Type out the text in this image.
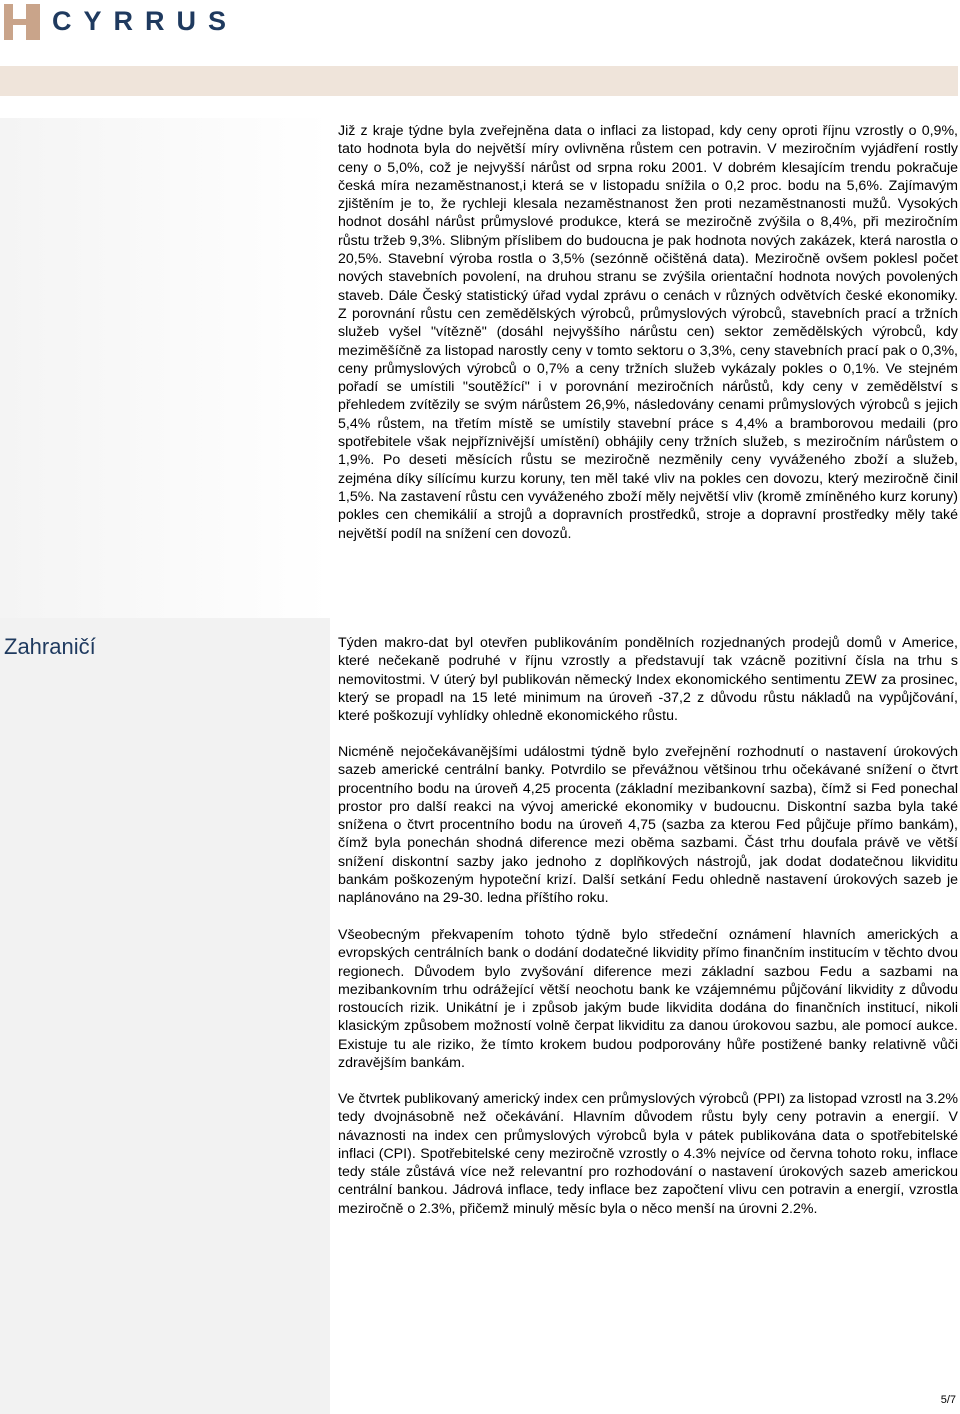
CYRRUS

Již z kraje týdne byla zveřejněna data o inflaci za listopad, kdy ceny oproti říjnu vzrostly o 0,9%, tato hodnota byla do největší míry ovlivněna růstem cen potravin. V meziročním vyjádření rostly ceny o 5,0%, což je nejvyšší nárůst od srpna roku 2001. V dobrém klesajícím trendu pokračuje česká míra nezaměstnanost,i která se v listopadu snížila o 0,2 proc. bodu na 5,6%. Zajímavým zjištěním je to, že rychleji klesala nezaměstnanost žen proti nezaměstnanosti mužů. Vysokých hodnot dosáhl nárůst průmyslové produkce, která se meziročně zvýšila o 8,4%, při meziročním růstu tržeb 9,3%. Slibným příslibem do budoucna je pak hodnota nových zakázek, která narostla o 20,5%. Stavební výroba rostla o 3,5% (sezónně očištěná data). Meziročně ovšem poklesl počet nových stavebních povolení, na druhou stranu se zvýšila orientační hodnota nových povolených staveb. Dále Český statistický úřad vydal zprávu o cenách v různých odvětvích české ekonomiky. Z porovnání růstu cen zemědělských výrobců, průmyslových výrobců, stavebních prací a tržních služeb vyšel "vítězně" (dosáhl nejvyššího nárůstu cen) sektor zemědělských výrobců, kdy meziměšíčně za listopad narostly ceny v tomto sektoru o 3,3%, ceny stavebních prací pak o 0,3%, ceny průmyslových výrobců o 0,7% a ceny tržních služeb vykázaly pokles o 0,1%. Ve stejném pořadí se umístili "soutěžící" i v porovnání meziročních nárůstů, kdy ceny v zemědělství s přehledem zvítězily se svým nárůstem 26,9%, následovány cenami průmyslových výrobců s jejich 5,4% růstem, na třetím místě se umístily stavební práce s 4,4% a bramborovou medaili (pro spotřebitele však nejpříznivější umístění) obhájily ceny tržních služeb, s meziročním nárůstem o 1,9%. Po deseti měsících růstu se meziročně nezměnily ceny vyváženého zboží a služeb, zejména díky sílícímu kurzu koruny, ten měl také vliv na pokles cen dovozu, který meziročně činil 1,5%. Na zastavení růstu cen vyváženého zboží měly největší vliv (kromě zmíněného kurz koruny) pokles cen chemikálií a strojů a dopravních prostředků, stroje a dopravní prostředky měly také největší podíl na snížení cen dovozů.

Zahraničí	Týden makro-dat byl otevřen publikováním pondělních rozjednaných prodejů domů v Americe, které nečekaně podruhé v říjnu vzrostly a představují tak vzácně pozitivní čísla na trhu s nemovitostmi. V úterý byl publikován německý Index ekonomického sentimentu ZEW za prosinec, který se propadl na 15 leté minimum na úroveň -37,2 z důvodu růstu nákladů na vypůjčování, které poškozují vyhlídky ohledně ekonomického růstu.

Nicméně nejočekávanějšími událostmi týdně bylo zveřejnění rozhodnutí o nastavení úrokových sazeb americké centrální banky. Potvrdilo se převážnou většinou trhu očekávané snížení o čtvrt procentního bodu na úroveň 4,25 procenta (základní mezibankovní sazba), čímž si Fed ponechal prostor pro další reakci na vývoj americké ekonomiky v budoucnu. Diskontní sazba byla také snížena o čtvrt procentního bodu na úroveň 4,75 (sazba za kterou Fed půjčuje přímo bankám), čímž byla ponechán shodná diference mezi oběma sazbami. Část trhu doufala právě ve větší snížení diskontní sazby jako jednoho z doplňkových nástrojů, jak dodat dodatečnou likviditu bankám poškozeným hypoteční krizí. Další setkání Fedu ohledně nastavení úrokových sazeb je naplánováno na 29-30. ledna příštího roku.

Všeobecným překvapením tohoto týdně bylo středeční oznámení hlavních amerických a evropských centrálních bank o dodání dodatečné likvidity přímo finančním institucím v těchto dvou regionech. Důvodem bylo zvyšování diference mezi základní sazbou Fedu a sazbami na mezibankovním trhu odrážející větší neochotu bank ke vzájemnému půjčování likvidity z důvodu rostoucích rizik. Unikátní je i způsob jakým bude likvidita dodána do finančních institucí, nikoli klasickým způsobem možností volně čerpat likviditu za danou úrokovou sazbu, ale pomocí aukce. Existuje tu ale riziko, že tímto krokem budou podporovány hůře postižené banky relativně vůči zdravějším bankám.

Ve čtvrtek publikovaný americký index cen průmyslových výrobců (PPI) za listopad vzrostl na 3.2% tedy dvojnásobně než očekávání. Hlavním důvodem růstu byly ceny potravin a energií. V návaznosti na index cen průmyslových výrobců byla v pátek publikována data o spotřebitelské inflaci (CPI). Spotřebitelské ceny meziročně vzrostly o 4.3% nejvíce od června tohoto roku, inflace tedy stále zůstává více než relevantní pro rozhodování o nastavení úrokových sazeb americkou centrální bankou. Jádrová inflace, tedy inflace bez započtení vlivu cen potravin a energií, vzrostla meziročně o 2.3%, přičemž minulý měsíc byla o něco menší na úrovni 2.2%.

5/7
